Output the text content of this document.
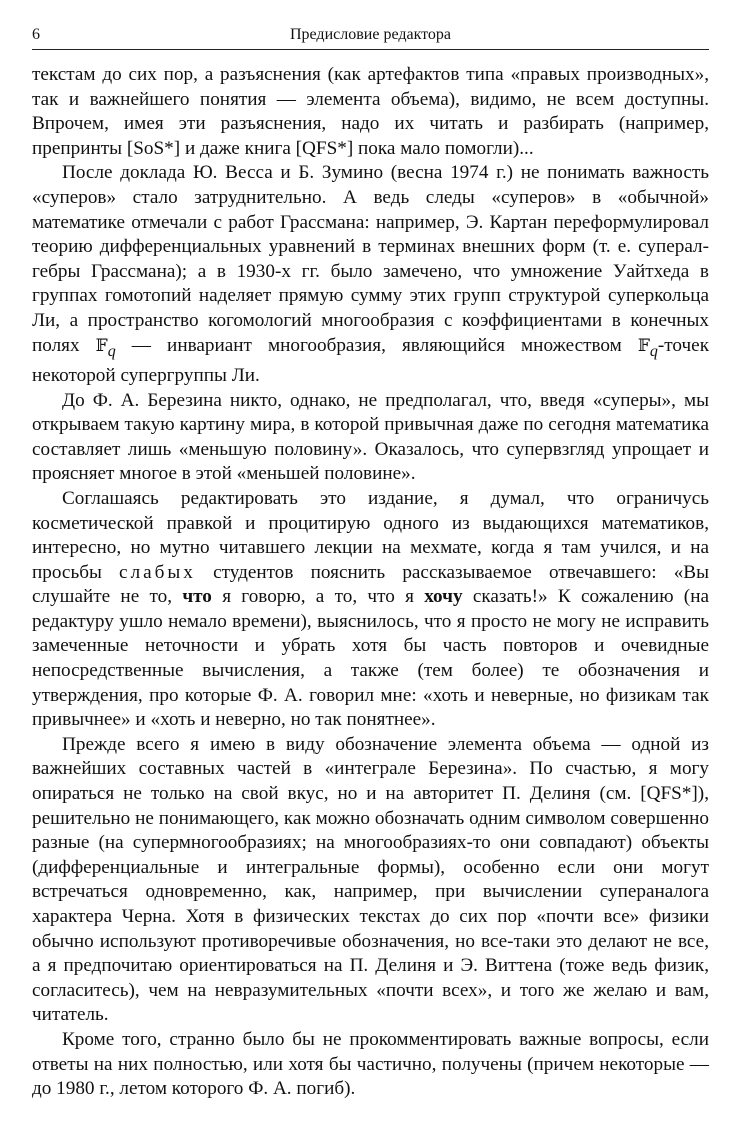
6	Предисловие редактора

текстам до сих пор, а разъяснения (как артефактов типа «правых производных», так и важнейшего понятия — элемента объема), видимо, не всем доступны. Впрочем, имея эти разъяснения, надо их читать и разбирать (например, препринты [SoS*] и даже книга [QFS*] пока мало помогли)...

После доклада Ю. Весса и Б. Зумино (весна 1974 г.) не понимать важность «суперов» стало затруднительно. А ведь следы «суперов» в «обычной» математике отмечали с работ Грассмана: например, Э. Картан переформулировал теорию дифференциальных уравнений в терминах внешних форм (т. е. супералгебры Грассмана); а в 1930-х гг. было замечено, что умножение Уайтхеда в группах гомотопий наделяет прямую сумму этих групп структурой суперкольца Ли, а пространство когомологий многообразия с коэффициентами в конечных полях 𝔽$_q$ — инвариант многообразия, являющийся множеством 𝔽$_q$-точек некоторой супергруппы Ли.

До Ф. А. Березина никто, однако, не предполагал, что, введя «суперы», мы открываем такую картину мира, в которой привычная даже по сегодня математика составляет лишь «меньшую половину». Оказалось, что супервзгляд упрощает и проясняет многое в этой «меньшей половине».

Соглашаясь редактировать это издание, я думал, что ограничусь косметической правкой и процитирую одного из выдающихся математиков, интересно, но мутно читавшего лекции на мехмате, когда я там учился, и на просьбы слабых студентов пояснить рассказываемое отвечавшего: «Вы слушайте не то, что я говорю, а то, что я хочу сказать!» К сожалению (на редактуру ушло немало времени), выяснилось, что я просто не могу не исправить замеченные неточности и убрать хотя бы часть повторов и очевидные непосредственные вычисления, а также (тем более) те обозначения и утверждения, про которые Ф. А. говорил мне: «хоть и неверные, но физикам так привычнее» и «хоть и неверно, но так понятнее».

Прежде всего я имею в виду обозначение элемента объема — одной из важнейших составных частей в «интеграле Березина». По счастью, я могу опираться не только на свой вкус, но и на авторитет П. Делиня (см. [QFS*]), решительно не понимающего, как можно обозначать одним символом совершенно разные (на супермногообразиях; на многообразиях-то они совпадают) объекты (дифференциальные и интегральные формы), особенно если они могут встречаться одновременно, как, например, при вычислении супераналога характера Черна. Хотя в физических текстах до сих пор «почти все» физики обычно используют противоречивые обозначения, но все-таки это делают не все, а я предпочитаю ориентироваться на П. Делиня и Э. Виттена (тоже ведь физик, согласитесь), чем на невразумительных «почти всех», и того же желаю и вам, читатель.

Кроме того, странно было бы не прокомментировать важные вопросы, если ответы на них полностью, или хотя бы частично, получены (причем некоторые — до 1980 г., летом которого Ф. А. погиб).
